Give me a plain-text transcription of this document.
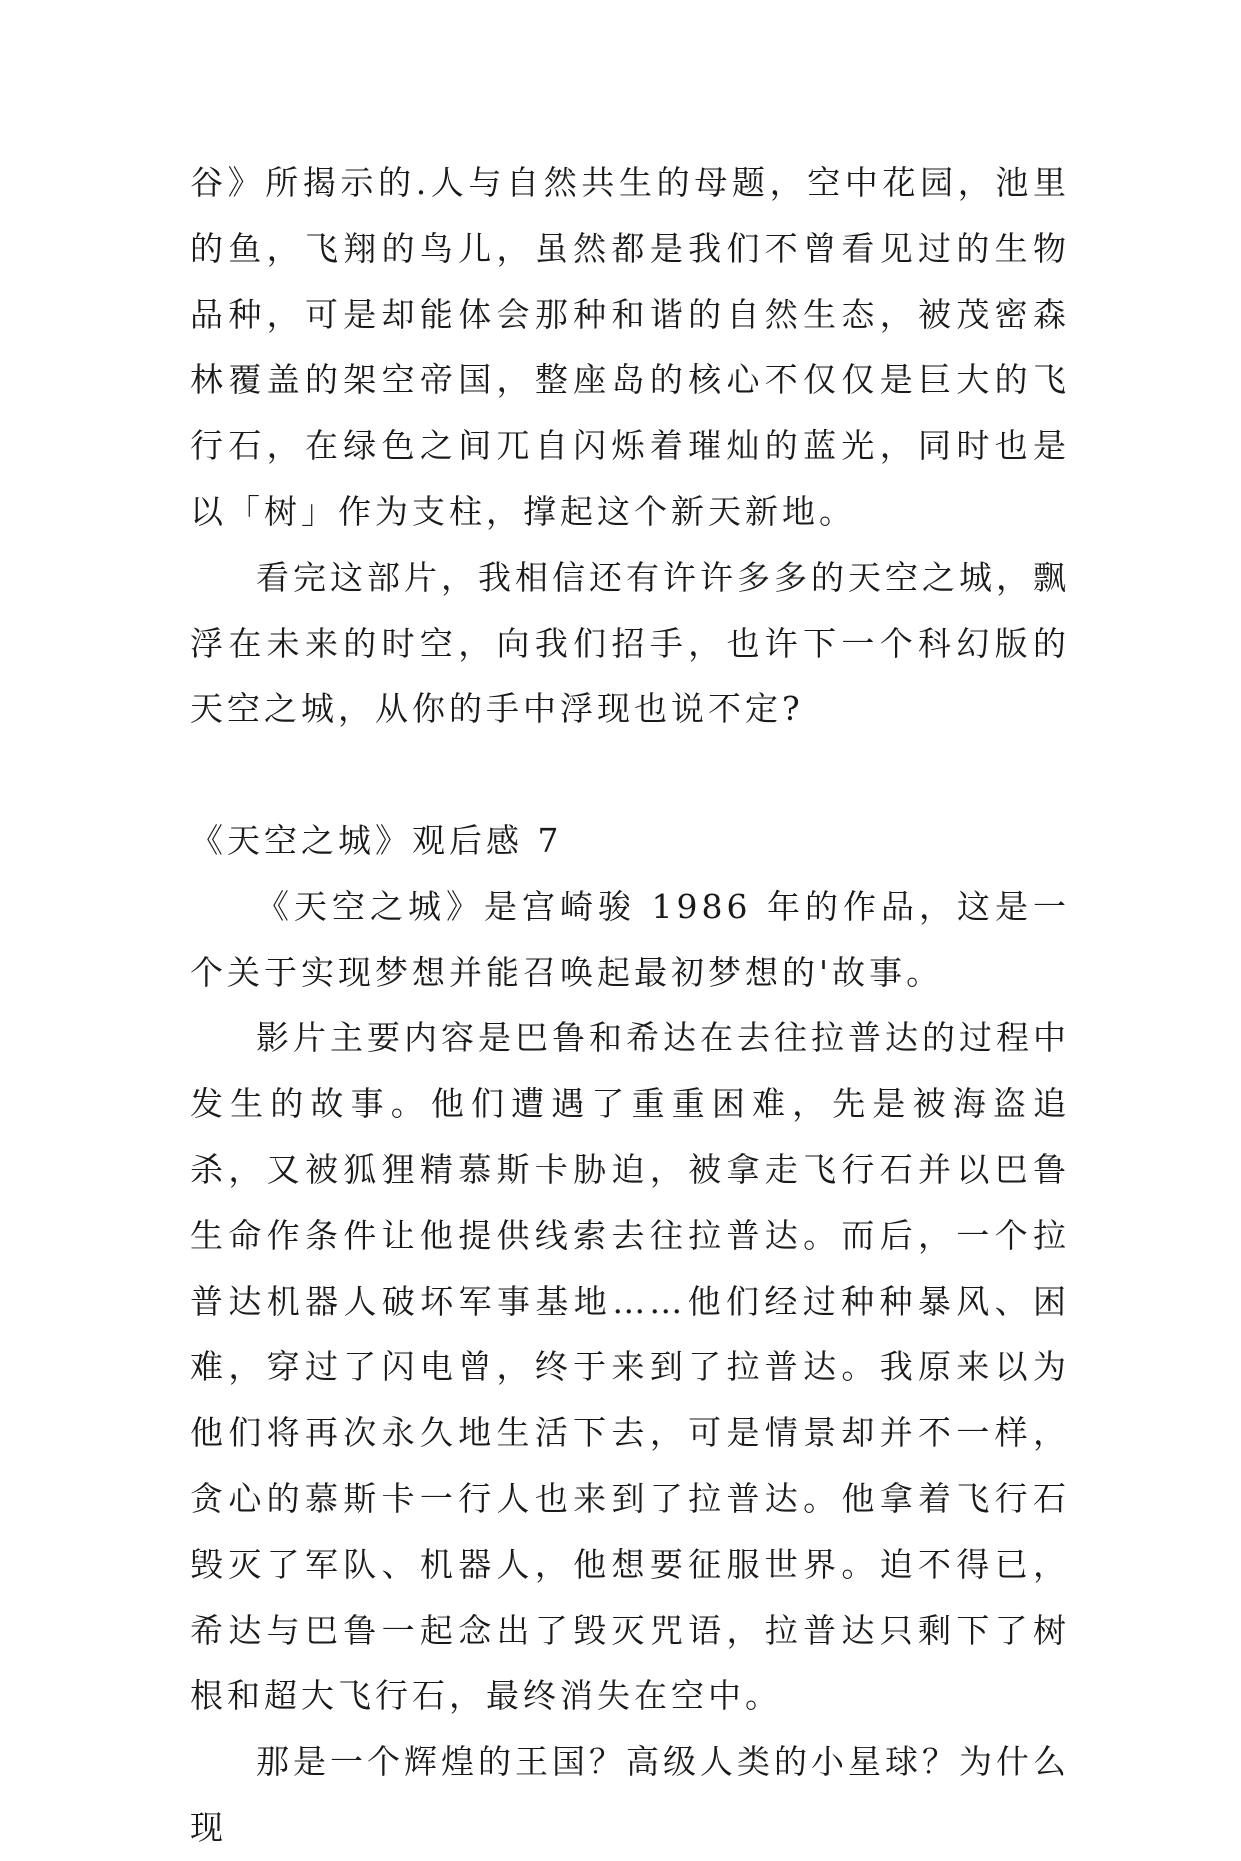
谷》所揭示的.人与自然共生的母题，空中花园，池里的鱼，飞翔的鸟儿，虽然都是我们不曾看见过的生物品种，可是却能体会那种和谐的自然生态，被茂密森林覆盖的架空帝国，整座岛的核心不仅仅是巨大的飞行石，在绿色之间兀自闪烁着璀灿的蓝光，同时也是以「树」作为支柱，撑起这个新天新地。

看完这部片，我相信还有许许多多的天空之城，飘浮在未来的时空，向我们招手，也许下一个科幻版的天空之城，从你的手中浮现也说不定?

《天空之城》观后感 7

《天空之城》是宫崎骏 1986 年的作品，这是一个关于实现梦想并能召唤起最初梦想的'故事。

影片主要内容是巴鲁和希达在去往拉普达的过程中发生的故事。他们遭遇了重重困难，先是被海盗追杀，又被狐狸精慕斯卡胁迫，被拿走飞行石并以巴鲁生命作条件让他提供线索去往拉普达。而后，一个拉普达机器人破坏军事基地……他们经过种种暴风、困难，穿过了闪电曾，终于来到了拉普达。我原来以为他们将再次永久地生活下去，可是情景却并不一样，贪心的慕斯卡一行人也来到了拉普达。他拿着飞行石毁灭了军队、机器人，他想要征服世界。迫不得已，希达与巴鲁一起念出了毁灭咒语，拉普达只剩下了树根和超大飞行石，最终消失在空中。

那是一个辉煌的王国？高级人类的小星球？为什么现
